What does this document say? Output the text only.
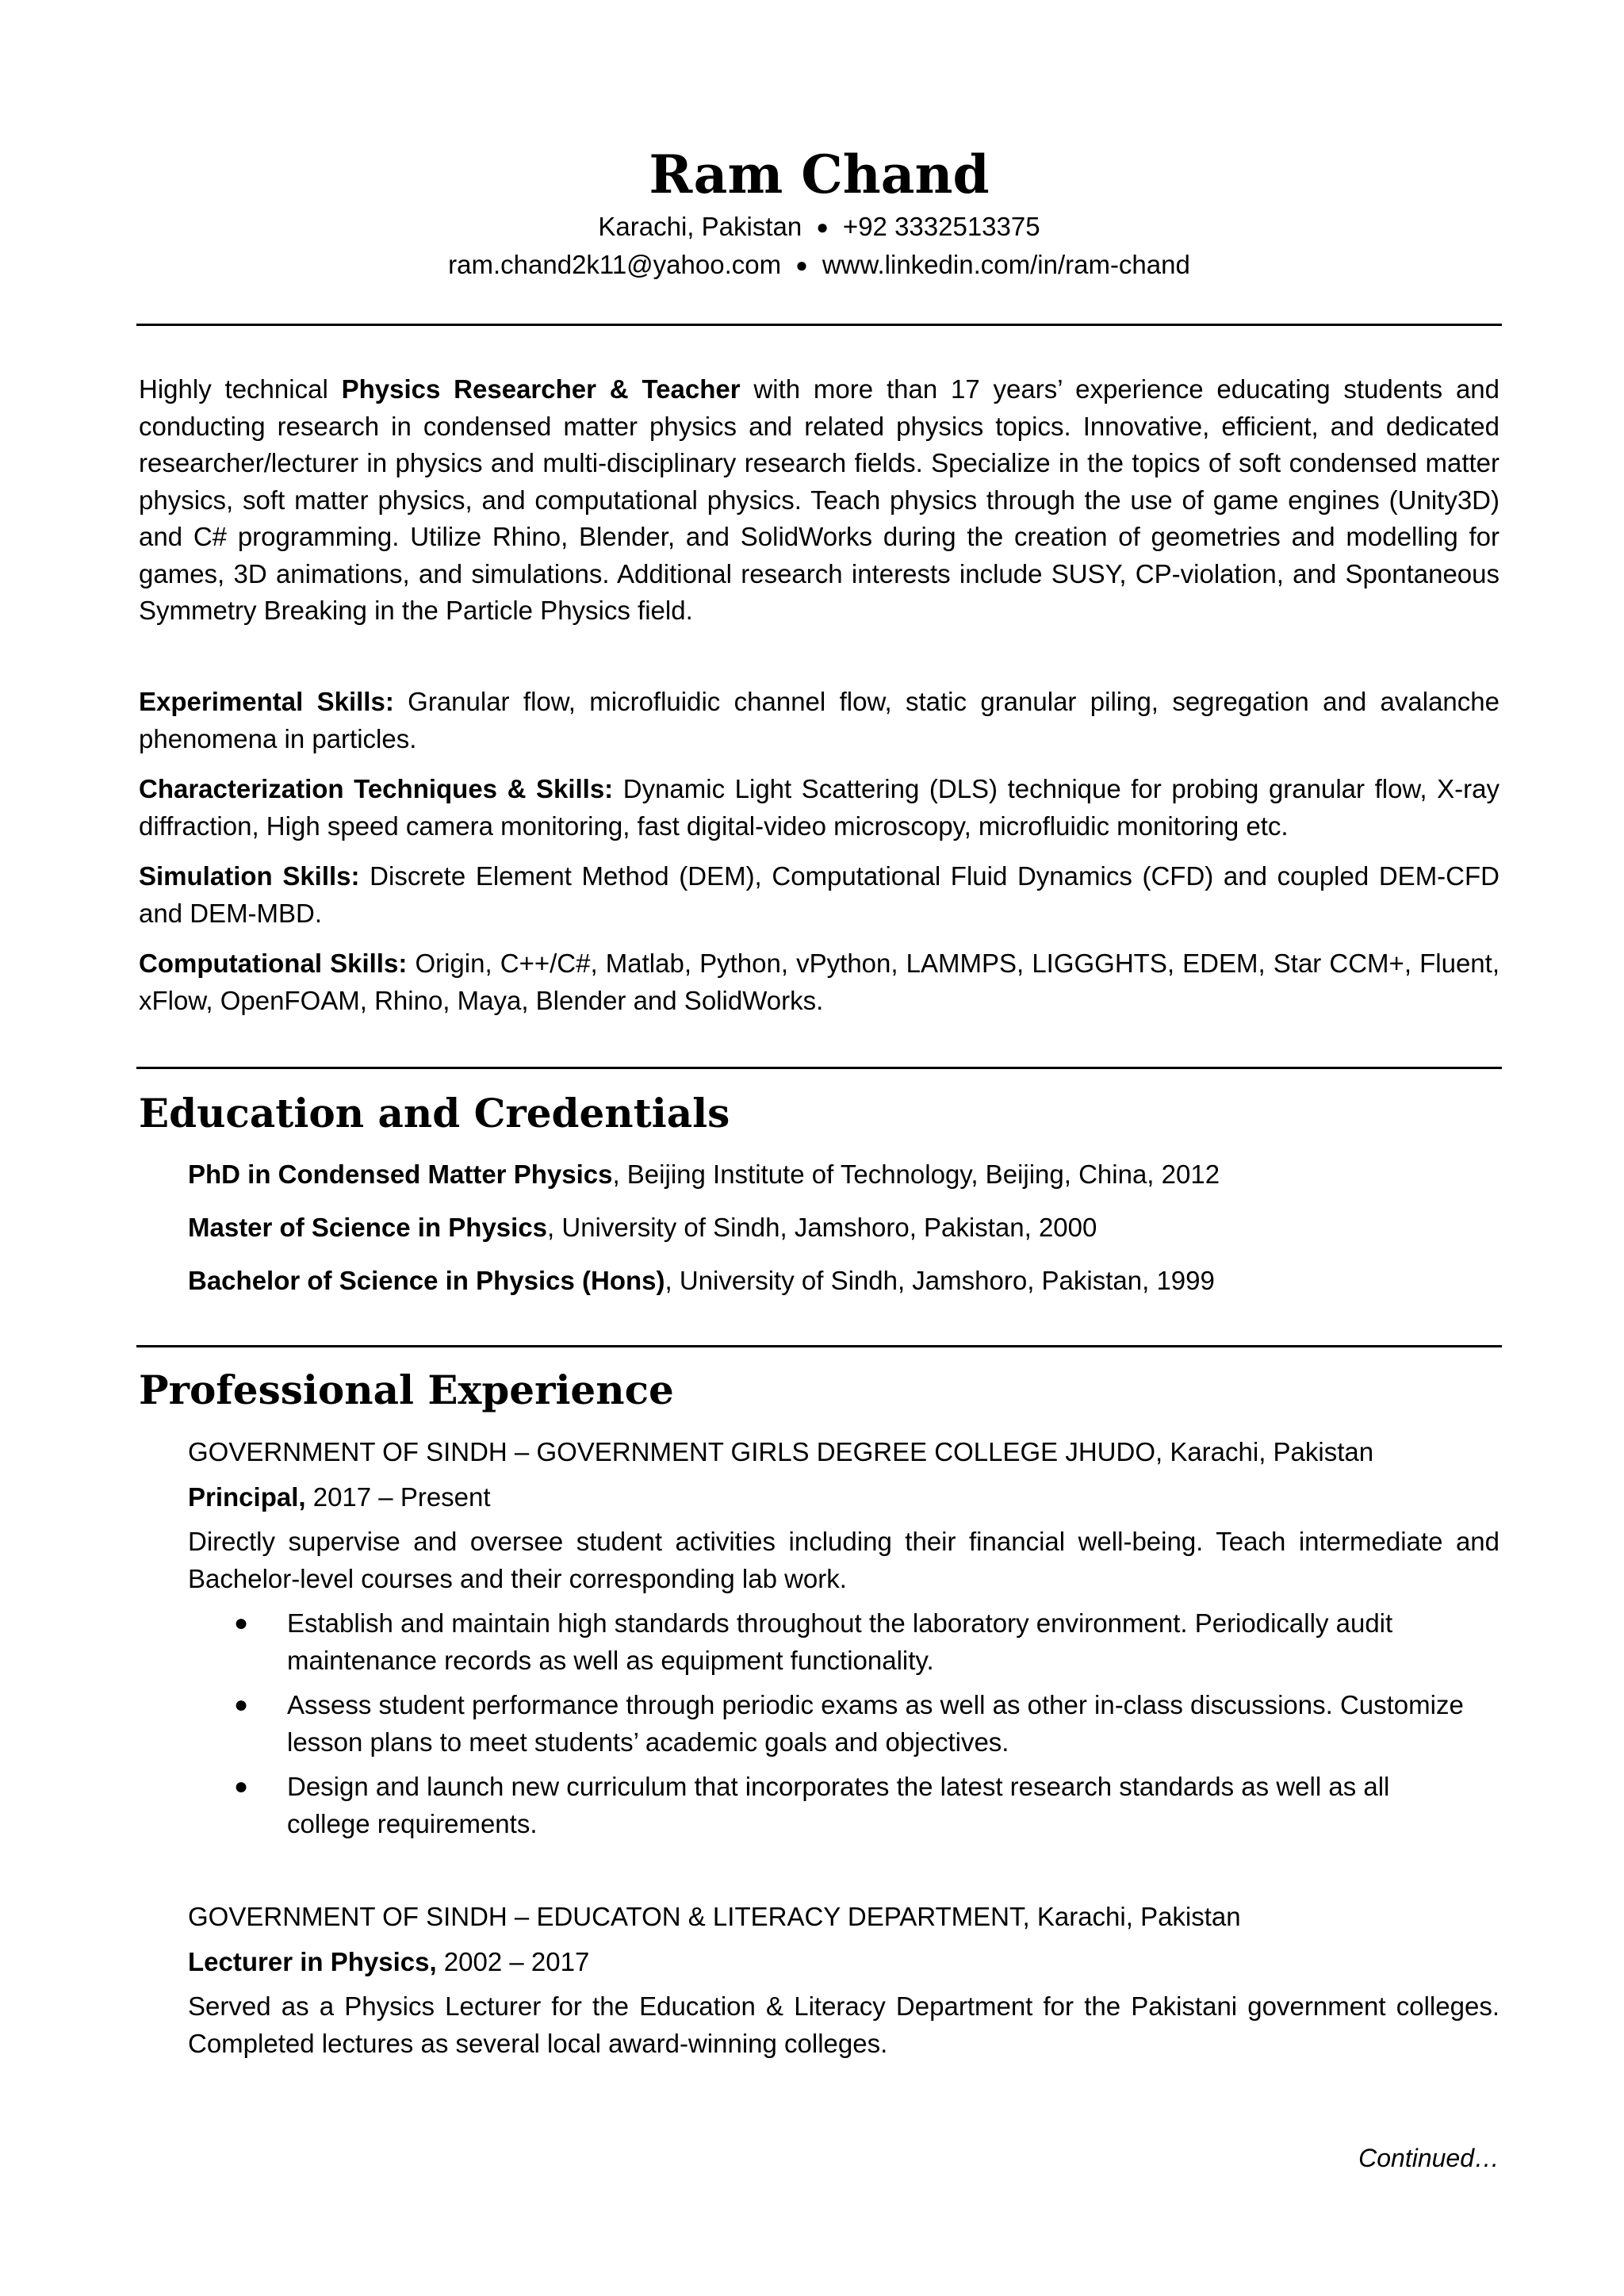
Ram Chand
Karachi, Pakistan ● +92 3332513375
ram.chand2k11@yahoo.com ● www.linkedin.com/in/ram-chand
Highly technical Physics Researcher & Teacher with more than 17 years’ experience educating students and conducting research in condensed matter physics and related physics topics. Innovative, efficient, and dedicated researcher/lecturer in physics and multi-disciplinary research fields. Specialize in the topics of soft condensed matter physics, soft matter physics, and computational physics. Teach physics through the use of game engines (Unity3D) and C# programming. Utilize Rhino, Blender, and SolidWorks during the creation of geometries and modelling for games, 3D animations, and simulations. Additional research interests include SUSY, CP-violation, and Spontaneous Symmetry Breaking in the Particle Physics field.

Experimental Skills: Granular flow, microfluidic channel flow, static granular piling, segregation and avalanche phenomena in particles.

Characterization Techniques & Skills: Dynamic Light Scattering (DLS) technique for probing granular flow, X-ray diffraction, High speed camera monitoring, fast digital-video microscopy, microfluidic monitoring etc.

Simulation Skills: Discrete Element Method (DEM), Computational Fluid Dynamics (CFD) and coupled DEM-CFD and DEM-MBD.

Computational Skills: Origin, C++/C#, Matlab, Python, vPython, LAMMPS, LIGGGHTS, EDEM, Star CCM+, Fluent, xFlow, OpenFOAM, Rhino, Maya, Blender and SolidWorks.

Education and Credentials
PhD in Condensed Matter Physics, Beijing Institute of Technology, Beijing, China, 2012
Master of Science in Physics, University of Sindh, Jamshoro, Pakistan, 2000
Bachelor of Science in Physics (Hons), University of Sindh, Jamshoro, Pakistan, 1999
Professional Experience
GOVERNMENT OF SINDH – GOVERNMENT GIRLS DEGREE COLLEGE JHUDO, Karachi, Pakistan
Principal, 2017 – Present
Directly supervise and oversee student activities including their financial well-being. Teach intermediate and Bachelor-level courses and their corresponding lab work.
● Establish and maintain high standards throughout the laboratory environment. Periodically audit maintenance records as well as equipment functionality.
● Assess student performance through periodic exams as well as other in-class discussions. Customize lesson plans to meet students’ academic goals and objectives.
● Design and launch new curriculum that incorporates the latest research standards as well as all college requirements.
GOVERNMENT OF SINDH – EDUCATON & LITERACY DEPARTMENT, Karachi, Pakistan
Lecturer in Physics, 2002 – 2017
Served as a Physics Lecturer for the Education & Literacy Department for the Pakistani government colleges. Completed lectures as several local award-winning colleges.
Continued…
